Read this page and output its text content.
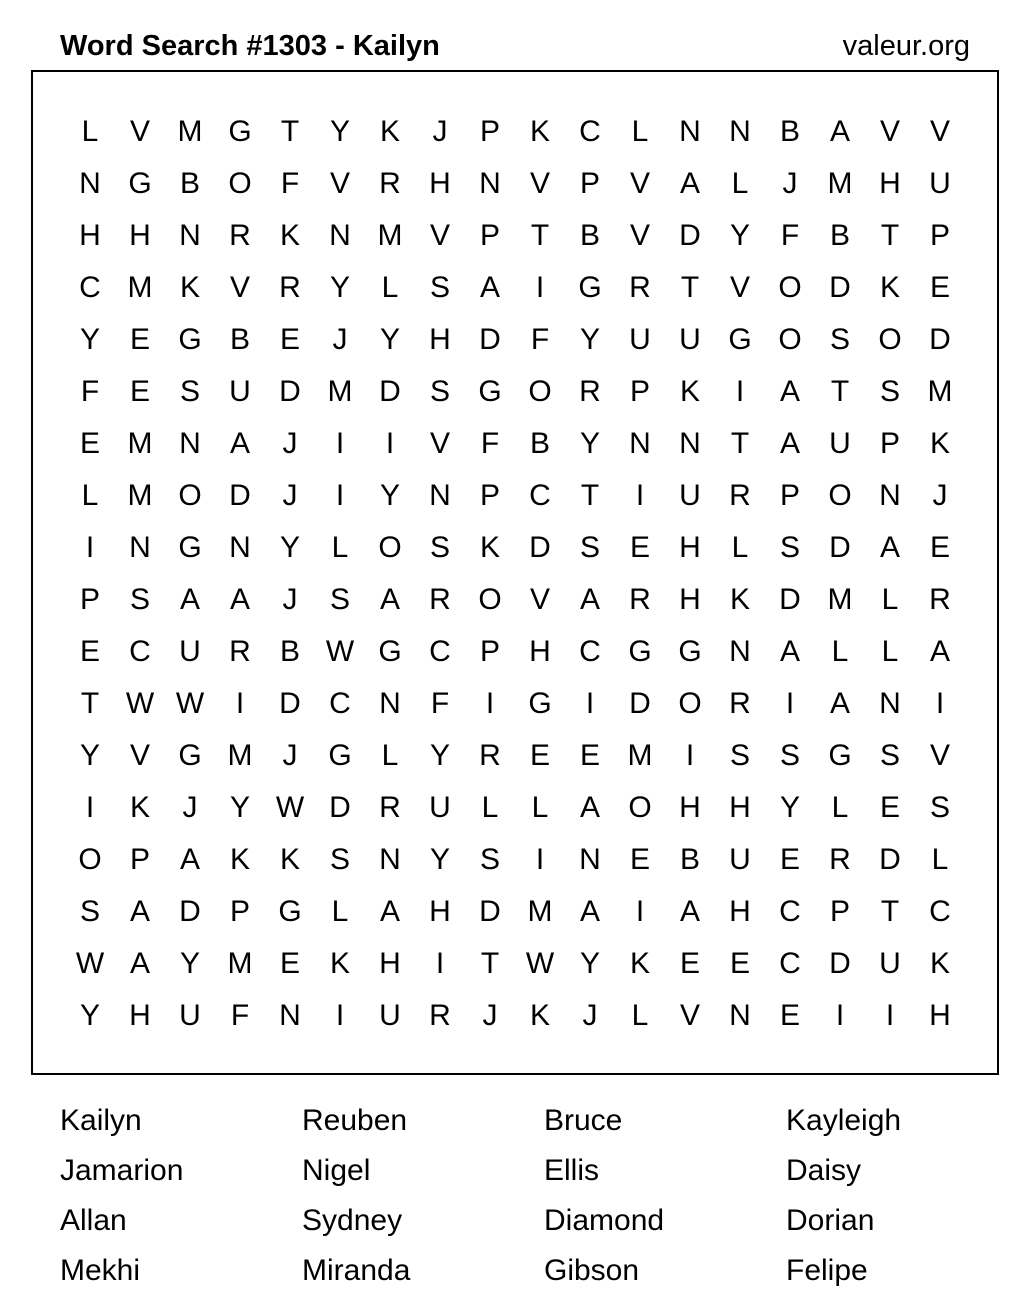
Word Search #1303 - Kailyn	valeur.org
L	V M G T	Y K	J	P K C	L	N N B A V V
N G B O F	V R H N V P V A	L	J	M H U
H H N R K N M V P	T	B V D Y	F	B	T	P
C M K V R Y	L	S A	I	G R	T	V O D K E
Y E G B E	J	Y H D	F	Y U U G O S O D
F	E S U D M D S G O R P K	I	A	T	S M
E M N A	J	I	I	V	F	B Y N N	T	A U P K
L M O D	J	I	Y N P C	T	I	U R P O N	J
I	N G N Y	L O S K D S E H	L	S D A E
P S A A	J	S A R O V A R H K D M L	R
E C U R B W G C P H C G G N A	L	L	A
T W W	I	D C N	F	I	G	I	D O R	I	A N	I
Y V G M	J	G L	Y R E E M	I	S S G S V
I	K	J	Y W D R U	L	L	A O H H Y	L	E S
O P A K K S N Y S	I	N E B U E R D	L
S A D P G L	A H D M A	I	A H C P	T	C
W A Y M E K H	I	T W Y K E E C D U K
Y H U	F	N	I	U R	J	K	J	L	V N E	I	I	H
Kailyn	Reuben	Bruce	Kayleigh
Jamarion	Nigel	Ellis	Daisy
Allan	Sydney	Diamond	Dorian
Mekhi	Miranda	Gibson	Felipe
